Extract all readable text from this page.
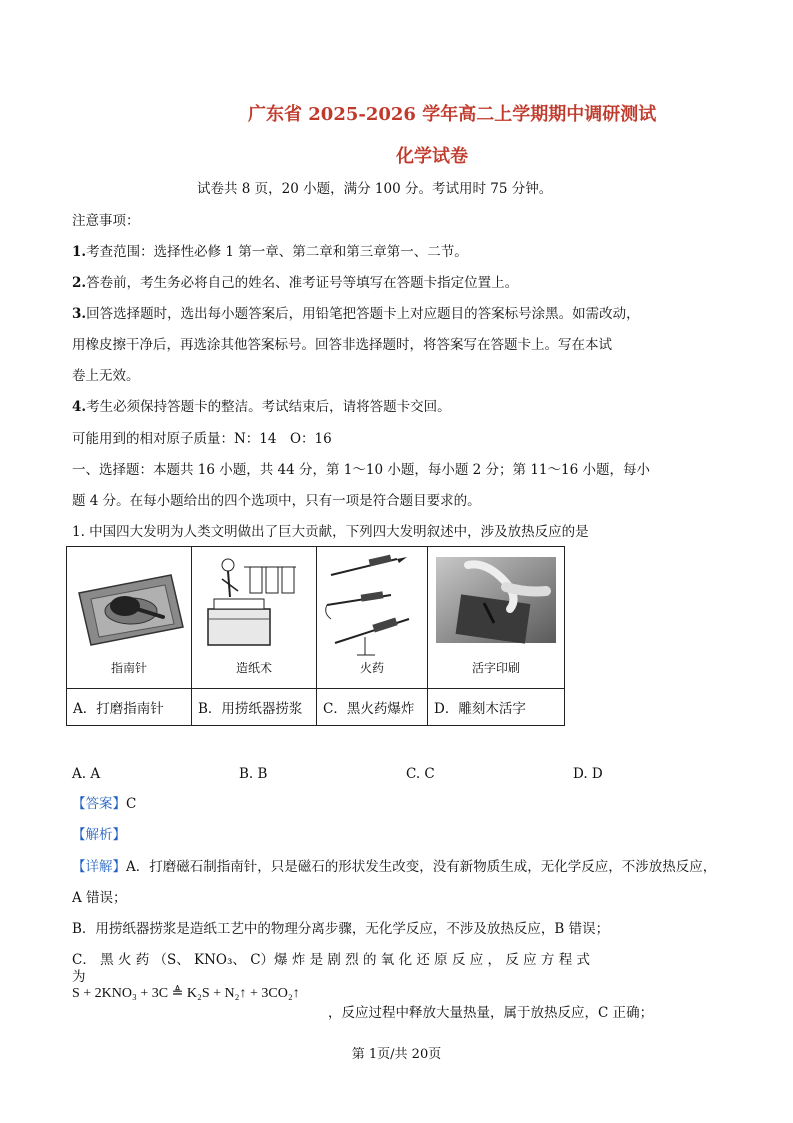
广东省 2025-2026 学年高二上学期期中调研测试
化学试卷
试卷共 8 页，20 小题，满分 100 分。考试用时 75 分钟。
注意事项：
1.考查范围：选择性必修 1 第一章、第二章和第三章第一、二节。
2.答卷前，考生务必将自己的姓名、准考证号等填写在答题卡指定位置上。
3.回答选择题时，选出每小题答案后，用铅笔把答题卡上对应题目的答案标号涂黑。如需改动，
用橡皮擦干净后，再选涂其他答案标号。回答非选择题时，将答案写在答题卡上。写在本试
卷上无效。
4.考生必须保持答题卡的整洁。考试结束后，请将答题卡交回。
可能用到的相对原子质量：N：14　O：16
一、选择题：本题共 16 小题，共 44 分，第 1～10 小题，每小题 2 分；第 11～16 小题，每小
题 4 分。在每小题给出的四个选项中，只有一项是符合题目要求的。
1. 中国四大发明为人类文明做出了巨大贡献，下列四大发明叙述中，涉及放热反应的是
指南针	造纸术	火药	活字印刷

A．打磨指南针	B．用捞纸器捞浆	C．黑火药爆炸	D．雕刻木活字
A. A	B. B	C. C	D. D
【答案】C
【解析】
【详解】A．打磨磁石制指南针，只是磁石的形状发生改变，没有新物质生成，无化学反应，不涉放热反应，
A 错误；
B．用捞纸器捞浆是造纸工艺中的物理分离步骤，无化学反应，不涉及放热反应，B 错误；
C． 黑 火 药 （S、 KNO₃、 C）爆 炸 是 剧 烈 的 氧 化 还 原 反 应 ， 反 应 方 程 式
为
S + 2KNO₃ + 3C ≜ K₂S + N₂↑ + 3CO₂↑
，反应过程中释放大量热量，属于放热反应，C 正确；
第 1页/共 20页
